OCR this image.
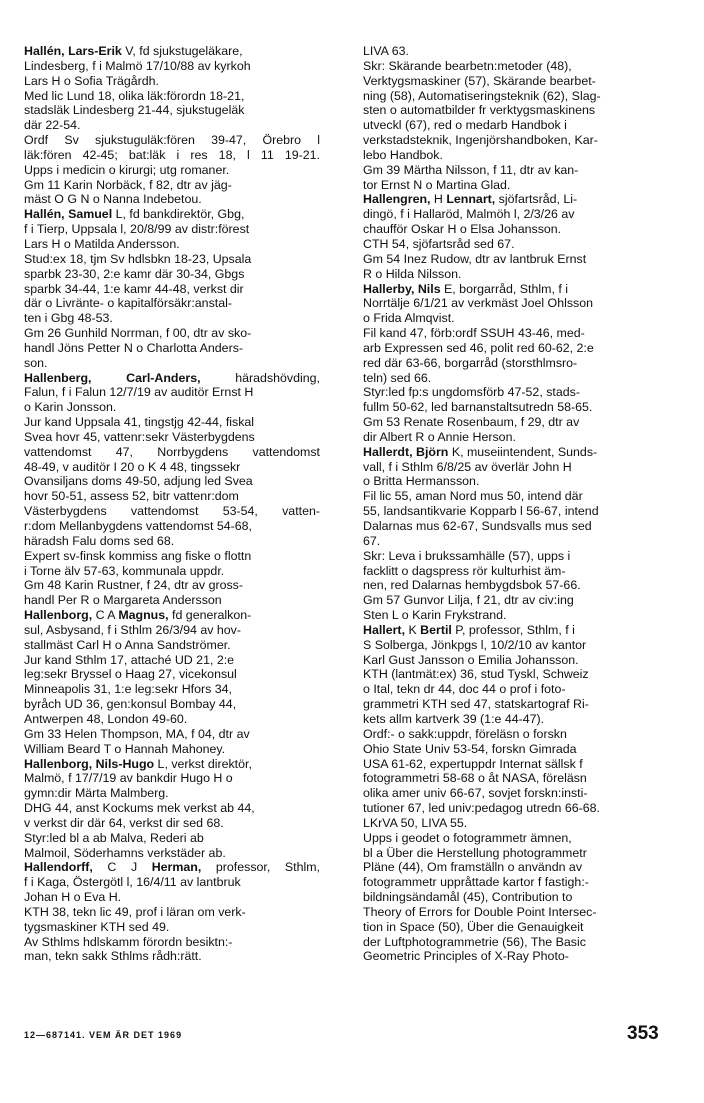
Hallén, Lars-Erik V, fd sjukstugeläkare,
Lindesberg, f i Malmö 17/10/88 av kyrkoh
Lars H o Sofia Trägårdh.
Med lic Lund 18, olika läk:förordn 18-21,
stadsläk Lindesberg 21-44, sjukstugeläk
där 22-54.
Ordf Sv sjukstuguläk:fören 39-47, Örebro l
läk:fören 42-45; bat:läk i res 18, l 11 19-21.
Upps i medicin o kirurgi; utg romaner.
Gm 11 Karin Norbäck, f 82, dtr av jäg-
mäst O G N o Nanna Indebetou.
Hallén, Samuel L, fd bankdirektör, Gbg,
f i Tierp, Uppsala l, 20/8/99 av distr:förest
Lars H o Matilda Andersson.
Stud:ex 18, tjm Sv hdlsbkn 18-23, Upsala
sparbk 23-30, 2:e kamr där 30-34, Gbgs
sparbk 34-44, 1:e kamr 44-48, verkst dir
där o Livränte- o kapitalförsäkr:anstal-
ten i Gbg 48-53.
Gm 26 Gunhild Norrman, f 00, dtr av sko-
handl Jöns Petter N o Charlotta Anders-
son.
Hallenberg, Carl-Anders, häradshövding,
Falun, f i Falun 12/7/19 av auditör Ernst H
o Karin Jonsson.
Jur kand Uppsala 41, tingstjg 42-44, fiskal
Svea hovr 45, vattenr:sekr Västerbygdens
vattendomst 47, Norrbygdens vattendomst
48-49, v auditör I 20 o K 4 48, tingssekr
Ovansiljans doms 49-50, adjung led Svea
hovr 50-51, assess 52, bitr vattenr:dom
Västerbygdens vattendomst 53-54, vatten-
r:dom Mellanbygdens vattendomst 54-68,
häradsh Falu doms sed 68.
Expert sv-finsk kommiss ang fiske o flottn
i Torne älv 57-63, kommunala uppdr.
Gm 48 Karin Rustner, f 24, dtr av gross-
handl Per R o Margareta Andersson
Hallenborg, C A Magnus, fd generalkon-
sul, Asbysand, f i Sthlm 26/3/94 av hov-
stallmäst Carl H o Anna Sandströmer.
Jur kand Sthlm 17, attaché UD 21, 2:e
leg:sekr Bryssel o Haag 27, vicekonsul
Minneapolis 31, 1:e leg:sekr Hfors 34,
byråch UD 36, gen:konsul Bombay 44,
Antwerpen 48, London 49-60.
Gm 33 Helen Thompson, MA, f 04, dtr av
William Beard T o Hannah Mahoney.
Hallenborg, Nils-Hugo L, verkst direktör,
Malmö, f 17/7/19 av bankdir Hugo H o
gymn:dir Märta Malmberg.
DHG 44, anst Kockums mek verkst ab 44,
v verkst dir där 64, verkst dir sed 68.
Styr:led bl a ab Malva, Rederi ab
Malmoil, Söderhamns verkstäder ab.
Hallendorff, C J Herman, professor, Sthlm,
f i Kaga, Östergötl l, 16/4/11 av lantbruk
Johan H o Eva H.
KTH 38, tekn lic 49, prof i läran om verk-
tygsmaskiner KTH sed 49.
Av Sthlms hdlskamm förordn besiktn:-
man, tekn sakk Sthlms rådh:rätt.
LIVA 63.
Skr: Skärande bearbetn:metoder (48),
Verktygsmaskiner (57), Skärande bearbet-
ning (58), Automatiseringsteknik (62), Slag-
sten o automatbilder fr verktygsmaskinens
utveckl (67), red o medarb Handbok i
verkstadsteknik, Ingenjörshandboken, Kar-
lebo Handbok.
Gm 39 Märtha Nilsson, f 11, dtr av kan-
tor Ernst N o Martina Glad.
Hallengren, H Lennart, sjöfartsråd, Li-
dingö, f i Hallaröd, Malmöh l, 2/3/26 av
chaufför Oskar H o Elsa Johansson.
CTH 54, sjöfartsråd sed 67.
Gm 54 Inez Rudow, dtr av lantbruk Ernst
R o Hilda Nilsson.
Hallerby, Nils E, borgarråd, Sthlm, f i
Norrtälje 6/1/21 av verkmäst Joel Ohlsson
o Frida Almqvist.
Fil kand 47, förb:ordf SSUH 43-46, med-
arb Expressen sed 46, polit red 60-62, 2:e
red där 63-66, borgarråd (storsthlmsro-
teln) sed 66.
Styr:led fp:s ungdomsförb 47-52, stads-
fullm 50-62, led barnanstaltsutredn 58-65.
Gm 53 Renate Rosenbaum, f 29, dtr av
dir Albert R o Annie Herson.
Hallerdt, Björn K, museiintendent, Sunds-
vall, f i Sthlm 6/8/25 av överlär John H
o Britta Hermansson.
Fil lic 55, aman Nord mus 50, intend där
55, landsantikvarie Kopparb l 56-67, intend
Dalarnas mus 62-67, Sundsvalls mus sed
67.
Skr: Leva i brukssamhälle (57), upps i
facklitt o dagspress rör kulturhist äm-
nen, red Dalarnas hembygdsbok 57-66.
Gm 57 Gunvor Lilja, f 21, dtr av civ:ing
Sten L o Karin Frykstrand.
Hallert, K Bertil P, professor, Sthlm, f i
S Solberga, Jönkpgs l, 10/2/10 av kantor
Karl Gust Jansson o Emilia Johansson.
KTH (lantmät:ex) 36, stud Tyskl, Schweiz
o Ital, tekn dr 44, doc 44 o prof i foto-
grammetri KTH sed 47, statskartograf Ri-
kets allm kartverk 39 (1:e 44-47).
Ordf:- o sakk:uppdr, föreläsn o forskn
Ohio State Univ 53-54, forskn Gimrada
USA 61-62, expertuppdr Internat sällsk f
fotogrammetri 58-68 o åt NASA, föreläsn
olika amer univ 66-67, sovjet forskn:insti-
tutioner 67, led univ:pedagog utredn 66-68.
LKrVA 50, LIVA 55.
Upps i geodet o fotogrammetr ämnen,
bl a Über die Herstellung photogrammetr
Pläne (44), Om framställn o användn av
fotogrammetr uppråttade kartor f fastigh:-
bildningsändamål (45), Contribution to
Theory of Errors for Double Point Intersec-
tion in Space (50), Über die Genauigkeit
der Luftphotogrammetrie (56), The Basic
Geometric Principles of X-Ray Photo-
12—687141. VEM ÄR DET 1969	353
